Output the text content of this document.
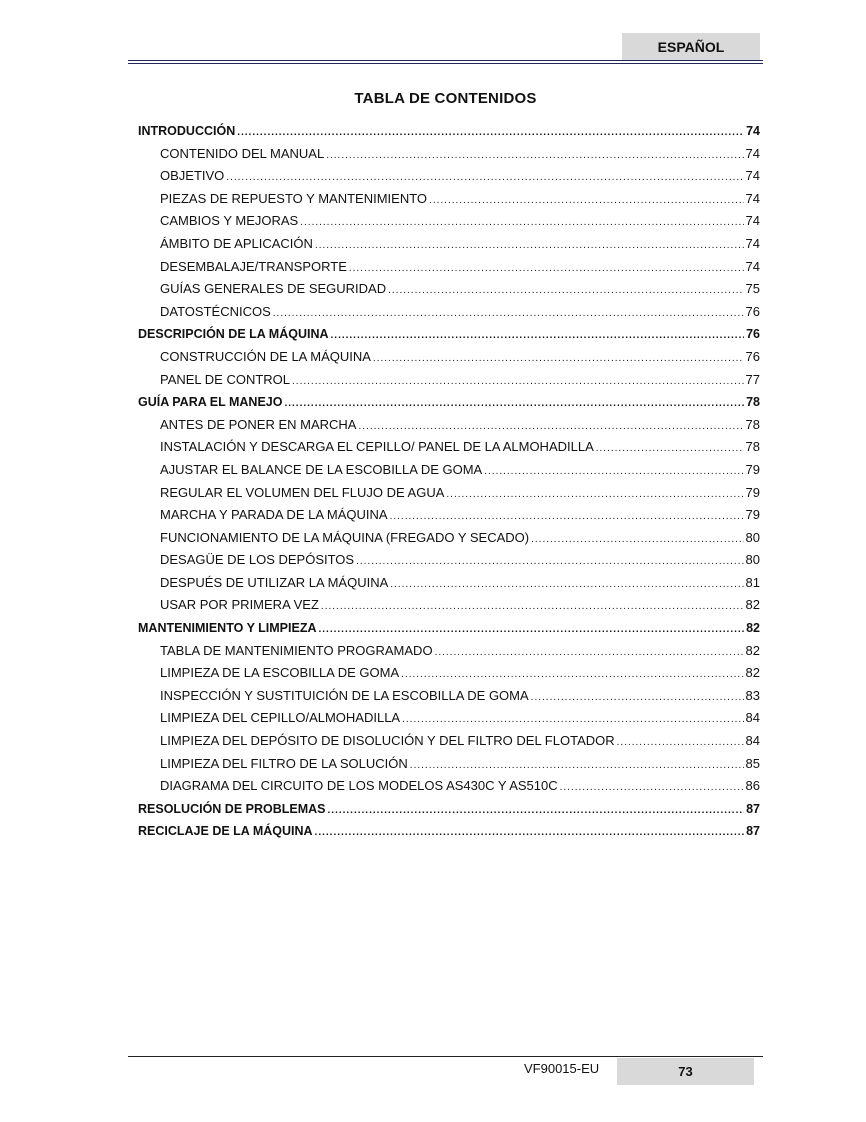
ESPAÑOL
TABLA DE CONTENIDOS
INTRODUCCIÓN .....	74
CONTENIDO DEL MANUAL .....	74
OBJETIVO .....	74
PIEZAS DE REPUESTO Y MANTENIMIENTO .....	74
CAMBIOS Y MEJORAS .....	74
ÁMBITO DE APLICACIÓN .....	74
DESEMBALAJE/TRANSPORTE .....	74
GUÍAS GENERALES DE SEGURIDAD .....	75
DATOSTÉCNICOS .....	76
DESCRIPCIÓN DE LA MÁQUINA .....	76
CONSTRUCCIÓN DE LA MÁQUINA .....	76
PANEL DE CONTROL .....	77
GUÍA PARA EL MANEJO .....	78
ANTES DE PONER EN MARCHA .....	78
INSTALACIÓN Y DESCARGA EL CEPILLO/ PANEL DE LA ALMOHADILLA .....	78
AJUSTAR EL BALANCE DE LA ESCOBILLA DE GOMA .....	79
REGULAR EL VOLUMEN DEL FLUJO DE AGUA .....	79
MARCHA Y PARADA DE LA MÁQUINA .....	79
FUNCIONAMIENTO DE LA MÁQUINA (FREGADO Y SECADO) .....	80
DESAGÜE DE LOS DEPÓSITOS .....	80
DESPUÉS DE UTILIZAR LA MÁQUINA .....	81
USAR POR PRIMERA VEZ .....	82
MANTENIMIENTO Y LIMPIEZA .....	82
TABLA DE MANTENIMIENTO PROGRAMADO .....	82
LIMPIEZA DE LA ESCOBILLA DE GOMA .....	82
INSPECCIÓN Y SUSTITUICIÓN DE LA ESCOBILLA DE GOMA .....	83
LIMPIEZA DEL CEPILLO/ALMOHADILLA .....	84
LIMPIEZA DEL DEPÓSITO DE DISOLUCIÓN Y DEL FILTRO DEL FLOTADOR .....	84
LIMPIEZA DEL FILTRO DE LA SOLUCIÓN .....	85
DIAGRAMA DEL CIRCUITO DE LOS MODELOS AS430C Y AS510C .....	86
RESOLUCIÓN DE PROBLEMAS .....	87
RECICLAJE DE LA MÁQUINA .....	87
VF90015-EU	73
